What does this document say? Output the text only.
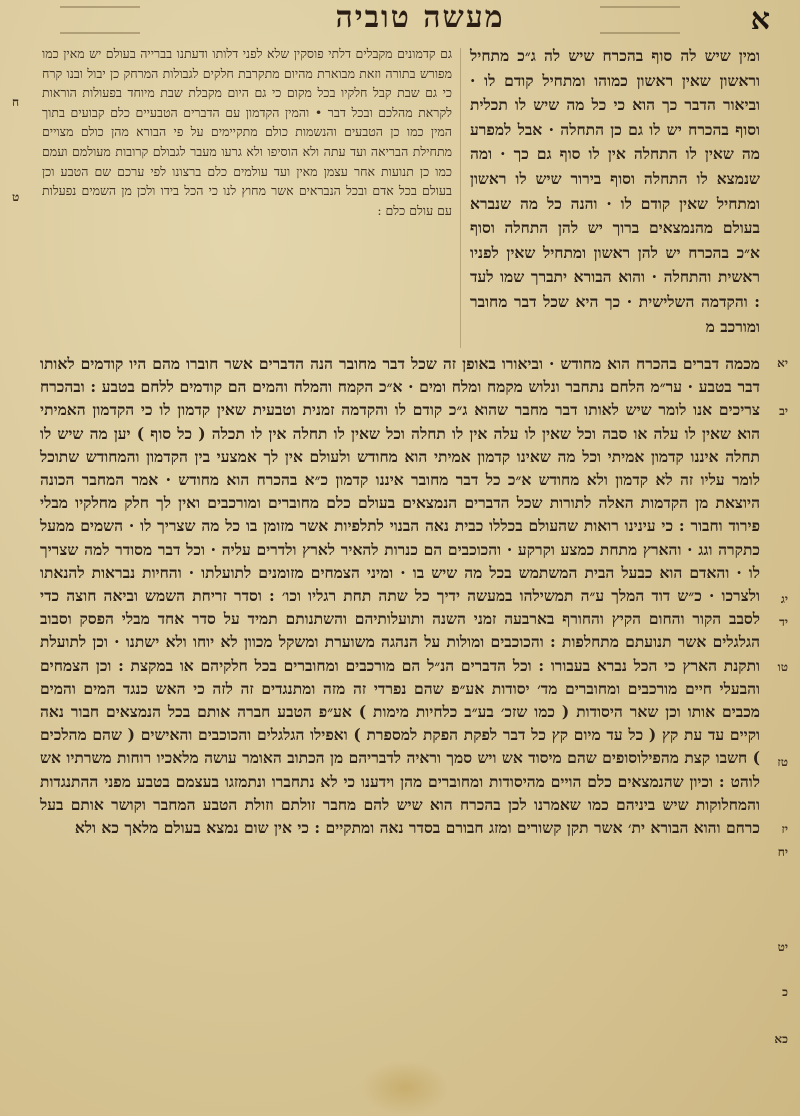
מעשה טוביה	א
ומין שיש לה סוף בהכרח שיש לה ג״כ מתחיל וראשון שאין ראשון כמוהו ומתחיל קודם לו · וביאור הדבר כך הוא כי כל מה שיש לו תכלית וסוף בהכרח יש לו גם כן התחלה · אבל למפרע מה שאין לו התחלה אין לו סוף גם כך · ומה שנמצא לו התחלה וסוף בירור שיש לו ראשון ומתחיל שאין קודם לו · והנה כל מה שנברא בעולם מהנמצאים ברוך יש להן התחלה וסוף א״כ בהכרח יש להן ראשון ומתחיל שאין לפניו ראשית והתחלה · והוא הבורא יתברך שמו לעד : והקדמה השלישית · כך היא שכל דבר מחובר ומורכב מ
גם קדמונים מקבלים דלתי פוסקין שלא לפני דלותו ודעתנו בברייה בעולם יש מאין כמו מפורש בתורה וזאת מבוארת מהיום מתקרבת חלקים לגבולות המרחק כן יבול ובנו קרח כי גם שבת קבל חלקיו בכל מקום כי גם היום מקבלת שבת מיוחד בפעולות הוראות לקראת מהלכם ובכל דבר • והמין הקדמון עם הדברים הטבעיים כלם קבועים בתוך המין כמו כן הטבעים והנשמות כולם מתקיימים על פי הבורא מהן כולם מצויים מתחילת הבריאה ועד עתה ולא הוסיפו ולא גרעו מעבר לגבולם קרובות מעולמם ועמם כמו כן תנועות אחר עצמן מאין ועד עולמים כלם ברצונו לפי ערכם שם הטבע וכן בעולם בכל אדם ובכל הנבראים אשר מחוץ לנו כי הכל בידו ולכן מן השמים נפעלות עם עולם כלם :
ח
ט

מכמה דברים בהכרח הוא מחודש · וביאורו באופן זה שכל דבר מחובר הנה הדברים אשר חוברו מהם היו קודמים לאותו דבר בטבע · ער״מ הלחם נתחבר ונלוש מקמח ומלח ומים · א״כ הקמח והמלח והמים הם קודמים ללחם בטבע : ובהכרח צריכים אנו לומר שיש לאותו דבר מחבר שהוא ג״כ קודם לו והקדמה זמנית וטבעית שאין קדמון לו כי הקדמון האמיתי הוא שאין לו עלה או סבה וכל שאין לו עלה אין לו תחלה וכל שאין לו תחלה אין לו תכלה ( כל סוף ) יען מה שיש לו תחלה איננו קדמון אמיתי וכל מה שאינו קדמון אמיתי הוא מחודש ולעולם אין לך אמצעי בין הקדמון והמחודש שתוכל לומר עליו זה לא קדמון ולא מחודש א״כ כל דבר מחובר איננו קדמון כ״א בהכרח הוא מחודש · אמר המחבר הכונה היוצאת מן הקדמות האלה לתורות שכל הדברים הנמצאים בעולם כלם מחוברים ומורכבים ואין לך חלק מחלקיו מבלי פירוד וחבור : כי עינינו רואות שהעולם בכללו כבית נאה הבנוי לתלפיות אשר מזומן בו כל מה שצריך לו · השמים ממעל כתקרה וגג · והארץ מתחת כמצע וקרקע · והכוכבים הם כנרות להאיר לארץ ולדרים עליה · וכל דבר מסודר למה שצריך לו · והאדם הוא כבעל הבית המשתמש בכל מה שיש בו · ומיני הצמחים מזומנים לתועלתו · והחיות נבראות להנאתו ולצרכו · כ״ש דוד המלך ע״ה תמשילהו במעשה ידיך כל שתה תחת רגליו וכו׳ : וסדר זריחת השמש וביאה חוצה כדי לסבב הקור והחום הקיץ והחורף בארבעה זמני השנה ותועלותיהם והשתנותם תמיד על סדר אחד מבלי הפסק וסבוב הגלגלים אשר תנועתם מתחלפות : והכוכבים ומולות על הנהגה משוערת ומשקל מכוון לא יוחו ולא ישתנו · וכן לתועלת ותקנת הארץ כי הכל נברא בעבורו : וכל הדברים הנ״ל הם מורכבים ומחוברים בכל חלקיהם או במקצת : וכן הצמחים והבעלי חיים מורכבים ומחוברים מד׳ יסודות אע״פ שהם נפרדי זה מזה ומתנגדים זה לזה כי האש כנגד המים והמים מכבים אותו וכן שאר היסודות ( כמו שזכ׳ בע״ב כלחיות מימות ) אע״פ הטבע חברה אותם בכל הנמצאים חבור נאה וקיים עד עת קץ ( כל עד מיום קץ כל דבר לפקת הפקת למספרת ) ואפילו הגלגלים והכוכבים והאישים ( שהם מהלכים ) חשבו קצת מהפילוסופים שהם מיסוד אש ויש סמך וראיה לדבריהם מן הכתוב האומר עושה מלאכיו רוחות משרתיו אש לוהט : וכיון שהנמצאים כלם הויים מהיסודות ומחוברים מהן וידענו כי לא נתחברו ונתמזגו בעצמם בטבע מפני ההתנגדות והמחלוקות שיש ביניהם כמו שאמרנו לכן בהכרח הוא שיש להם מחבר זולתם וזולת הטבע המחבר וקושר אותם בעל כרחם והוא הבורא ית׳ אשר תקן קשורים ומזג חבורם בסדר נאה ומתקיים : כי אין שום נמצא בעולם מלאך כא ולא

יא
יב
יג
יד
טו
טז
יז
יח
יט
כ
כא
